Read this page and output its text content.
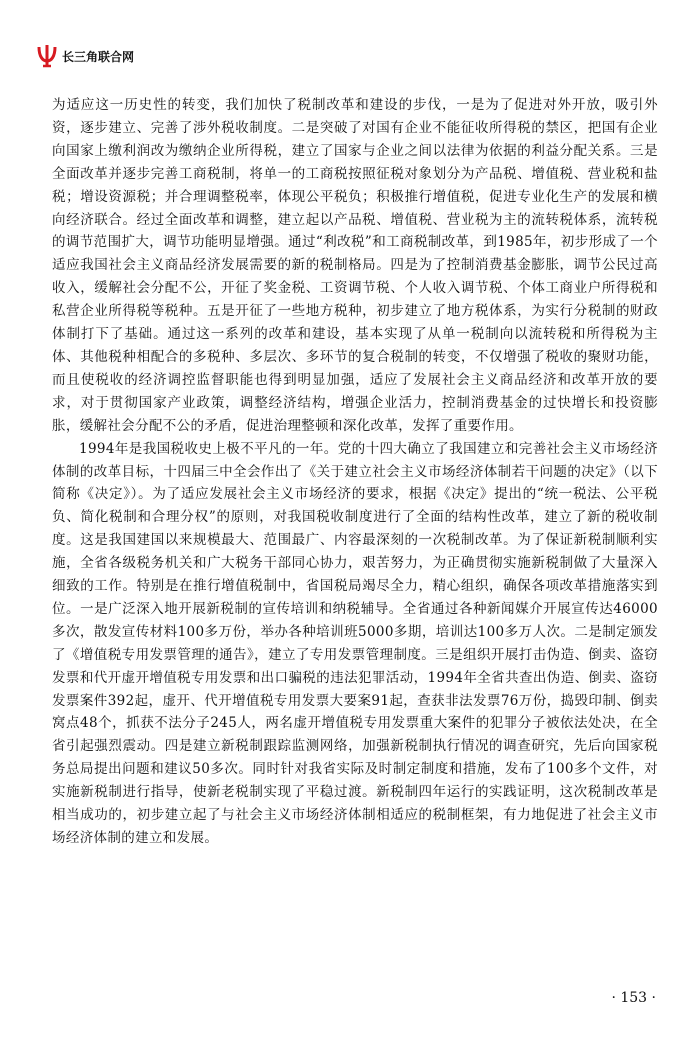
长三角联合网

为适应这一历史性的转变，我们加快了税制改革和建设的步伐，一是为了促进对外开放，吸引外资，逐步建立、完善了涉外税收制度。二是突破了对国有企业不能征收所得税的禁区，把国有企业向国家上缴利润改为缴纳企业所得税，建立了国家与企业之间以法律为依据的利益分配关系。三是全面改革并逐步完善工商税制，将单一的工商税按照征税对象划分为产品税、增值税、营业税和盐税；增设资源税；并合理调整税率，体现公平税负；积极推行增值税，促进专业化生产的发展和横向经济联合。经过全面改革和调整，建立起以产品税、增值税、营业税为主的流转税体系，流转税的调节范围扩大，调节功能明显增强。通过“利改税”和工商税制改革，到1985年，初步形成了一个适应我国社会主义商品经济发展需要的新的税制格局。四是为了控制消费基金膨胀，调节公民过高收入，缓解社会分配不公，开征了奖金税、工资调节税、个人收入调节税、个体工商业户所得税和私营企业所得税等税种。五是开征了一些地方税种，初步建立了地方税体系，为实行分税制的财政体制打下了基础。通过这一系列的改革和建设，基本实现了从单一税制向以流转税和所得税为主体、其他税种相配合的多税种、多层次、多环节的复合税制的转变，不仅增强了税收的聚财功能，而且使税收的经济调控监督职能也得到明显加强，适应了发展社会主义商品经济和改革开放的要求，对于贯彻国家产业政策，调整经济结构，增强企业活力，控制消费基金的过快增长和投资膨胀，缓解社会分配不公的矛盾，促进治理整顿和深化改革，发挥了重要作用。

1994年是我国税收史上极不平凡的一年。党的十四大确立了我国建立和完善社会主义市场经济体制的改革目标，十四届三中全会作出了《关于建立社会主义市场经济体制若干问题的决定》（以下简称《决定》）。为了适应发展社会主义市场经济的要求，根据《决定》提出的“统一税法、公平税负、简化税制和合理分权”的原则，对我国税收制度进行了全面的结构性改革，建立了新的税收制度。这是我国建国以来规模最大、范围最广、内容最深刻的一次税制改革。为了保证新税制顺利实施，全省各级税务机关和广大税务干部同心协力，艰苦努力，为正确贯彻实施新税制做了大量深入细致的工作。特别是在推行增值税制中，省国税局竭尽全力，精心组织，确保各项改革措施落实到位。一是广泛深入地开展新税制的宣传培训和纳税辅导。全省通过各种新闻媒介开展宣传达46000多次，散发宣传材料100多万份，举办各种培训班5000多期，培训达100多万人次。二是制定颁发了《增值税专用发票管理的通告》，建立了专用发票管理制度。三是组织开展打击伪造、倒卖、盗窃发票和代开虚开增值税专用发票和出口骗税的违法犯罪活动，1994年全省共查出伪造、倒卖、盗窃发票案件392起，虚开、代开增值税专用发票大要案91起，查获非法发票76万份，捣毁印制、倒卖窝点48个，抓获不法分子245人，两名虚开增值税专用发票重大案件的犯罪分子被依法处决，在全省引起强烈震动。四是建立新税制跟踪监测网络，加强新税制执行情况的调查研究，先后向国家税务总局提出问题和建议50多次。同时针对我省实际及时制定制度和措施，发布了100多个文件，对实施新税制进行指导，使新老税制实现了平稳过渡。新税制四年运行的实践证明，这次税制改革是相当成功的，初步建立起了与社会主义市场经济体制相适应的税制框架，有力地促进了社会主义市场经济体制的建立和发展。

· 153 ·
